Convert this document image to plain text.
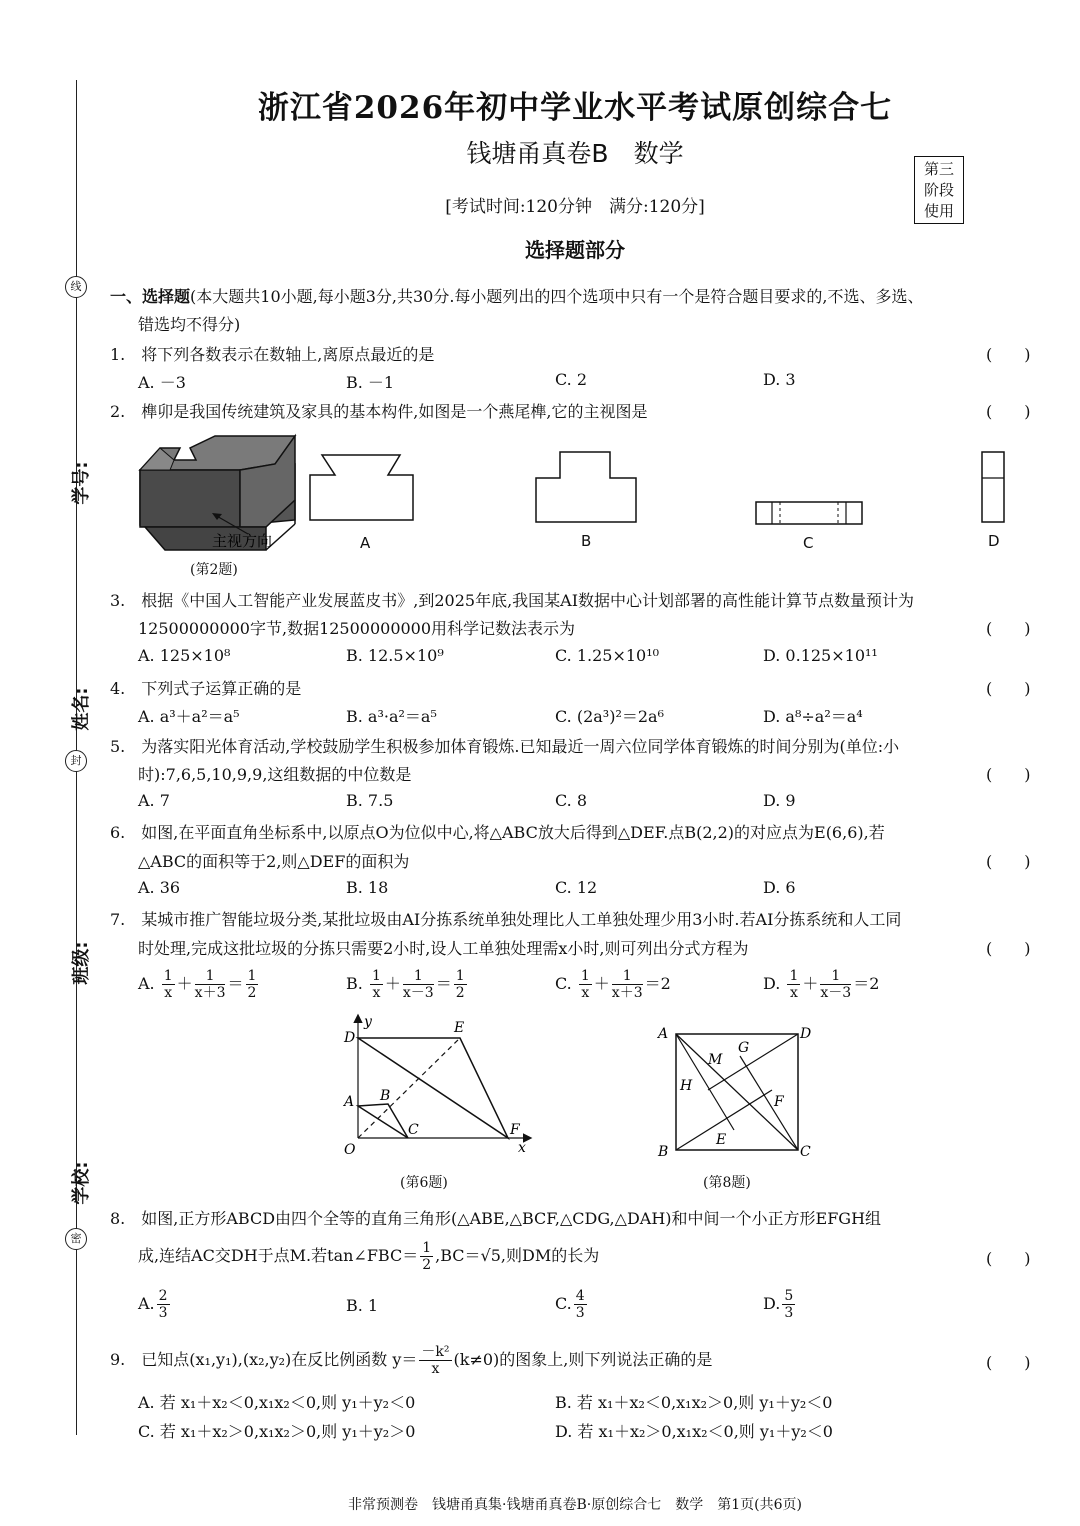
浙江省2026年初中学业水平考试原创综合七
钱塘甬真卷B　数学
[考试时间:120分钟　满分:120分]
第三
阶段
使用
选择题部分
线
学号:
姓名:
封
班级:
学校:
密
一、选择题(本大题共10小题,每小题3分,共30分.每小题列出的四个选项中只有一个是符合题目要求的,不选、多选、
错选均不得分)
1.　 将下列各数表示在数轴上,离原点最近的是	(　　)
A. －3	B. －1	C. 2	D. 3
2.　 榫卯是我国传统建筑及家具的基本构件,如图是一个燕尾榫,它的主视图是	(　　)
主视方向	A	B	C	D
(第2题)
3.　 根据《中国人工智能产业发展蓝皮书》,到2025年底,我国某AI数据中心计划部署的高性能计算节点数量预计为
12500000000字节,数据12500000000用科学记数法表示为	(　　)
A. 125×10⁸	B. 12.5×10⁹	C. 1.25×10¹⁰	D. 0.125×10¹¹
4.　 下列式子运算正确的是	(　　)
A. a³＋a²＝a⁵	B. a³·a²＝a⁵	C. (2a³)²＝2a⁶	D. a⁸÷a²＝a⁴
5.　 为落实阳光体育活动,学校鼓励学生积极参加体育锻炼.已知最近一周六位同学体育锻炼的时间分别为(单位:小
时):7,6,5,10,9,9,这组数据的中位数是	(　　)
A. 7	B. 7.5	C. 8	D. 9
6.　 如图,在平面直角坐标系中,以原点O为位似中心,将△ABC放大后得到△DEF.点B(2,2)的对应点为E(6,6),若
△ABC的面积等于2,则△DEF的面积为	(　　)
A. 36	B. 18	C. 12	D. 6
7.　 某城市推广智能垃圾分类,某批垃圾由AI分拣系统单独处理比人工单独处理少用3小时.若AI分拣系统和人工同
时处理,完成这批垃圾的分拣只需要2小时,设人工单独处理需x小时,则可列出分式方程为	(　　)
A. $\frac{1}{x} + \frac{1}{x+3} = \frac{1}{2}$	B. $\frac{1}{x} + \frac{1}{x-3} = \frac{1}{2}$	C. $\frac{1}{x} + \frac{1}{x+3} =2$	D. $\frac{1}{x} + \frac{1}{x-3} =2$
D
E
A B
C	F
O	x
y
(第6题)
A	D
B	C
M
G
H
F
E
(第8题)
8.　 如图,正方形ABCD由四个全等的直角三角形(△ABE,△BCF,△CDG,△DAH)和中间一个小正方形EFGH组
成,连结AC交DH于点M.若tan∠FBC＝ $\frac{1}{2} ,BC=√5$,则DM的长为	(　　)
A. $\frac{2}{3}$	B. 1	C. $\frac{4}{3}$	D. $\frac{5}{3}$
9.　 已知点(x₁,y₁),(x₂,y₂)在反比例函数 $y= \frac{\text{－k²}}{x} (k\ne 0)$的图象上,则下列说法正确的是	(　　)
A. 若 x₁＋x₂＜0,x₁x₂＜0,则 y₁＋y₂＜0	B. 若 x₁＋x₂＜0,x₁x₂＞0,则 y₁＋y₂＜0
C. 若 x₁＋x₂＞0,x₁x₂＞0,则 y₁＋y₂＞0	D. 若 x₁＋x₂＞0,x₁x₂＜0,则 y₁＋y₂＜0
非常预测卷　钱塘甬真集·钱塘甬真卷B·原创综合七　数学　第1页(共6页)
